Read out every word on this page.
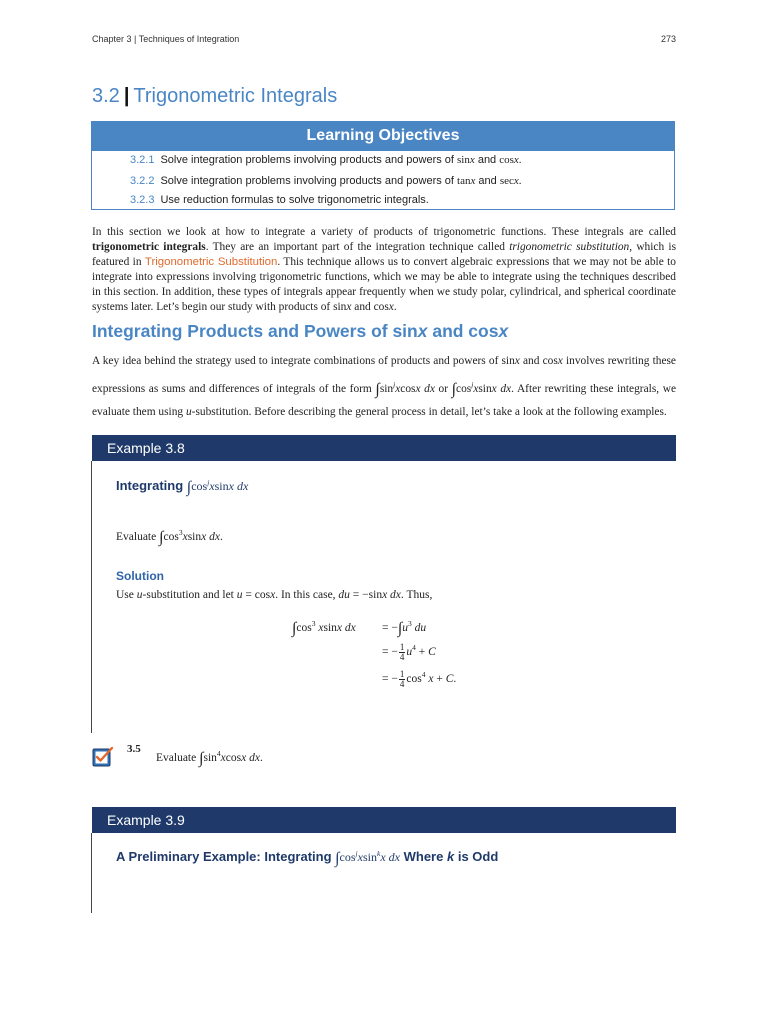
Chapter 3 | Techniques of Integration	273
3.2 | Trigonometric Integrals
Learning Objectives
3.2.1 Solve integration problems involving products and powers of sinx and cosx.
3.2.2 Solve integration problems involving products and powers of tanx and secx.
3.2.3 Use reduction formulas to solve trigonometric integrals.
In this section we look at how to integrate a variety of products of trigonometric functions. These integrals are called trigonometric integrals. They are an important part of the integration technique called trigonometric substitution, which is featured in Trigonometric Substitution. This technique allows us to convert algebraic expressions that we may not be able to integrate into expressions involving trigonometric functions, which we may be able to integrate using the techniques described in this section. In addition, these types of integrals appear frequently when we study polar, cylindrical, and spherical coordinate systems later. Let’s begin our study with products of sinx and cosx.
Integrating Products and Powers of sinx and cosx
A key idea behind the strategy used to integrate combinations of products and powers of sinx and cosx involves rewriting these expressions as sums and differences of integrals of the form $\int\sin^jxcosx$ dx or $\int\cos^jxsinx$ dx. After rewriting these integrals, we evaluate them using u-substitution. Before describing the general process in detail, let’s take a look at the following examples.
Example 3.8
Integrating $\int\cos^jxsinx$ dx
Evaluate $\int\cos^3xsinx$ dx.
Solution
Use u-substitution and let u = cosx. In this case, du = −sinx dx. Thus,
$\int\cos^3$ xsinx dx = $-\int u^3$ du
= − $\frac{1}{4} u^4 + C$
= − $\frac{1}{4} \cos^4 x + C$.
3.5
Evaluate $\int\sin^4xcosx$ dx.
Example 3.9
A Preliminary Example: Integrating $\int\cos^jxsin^kx$ dx Where k is Odd
